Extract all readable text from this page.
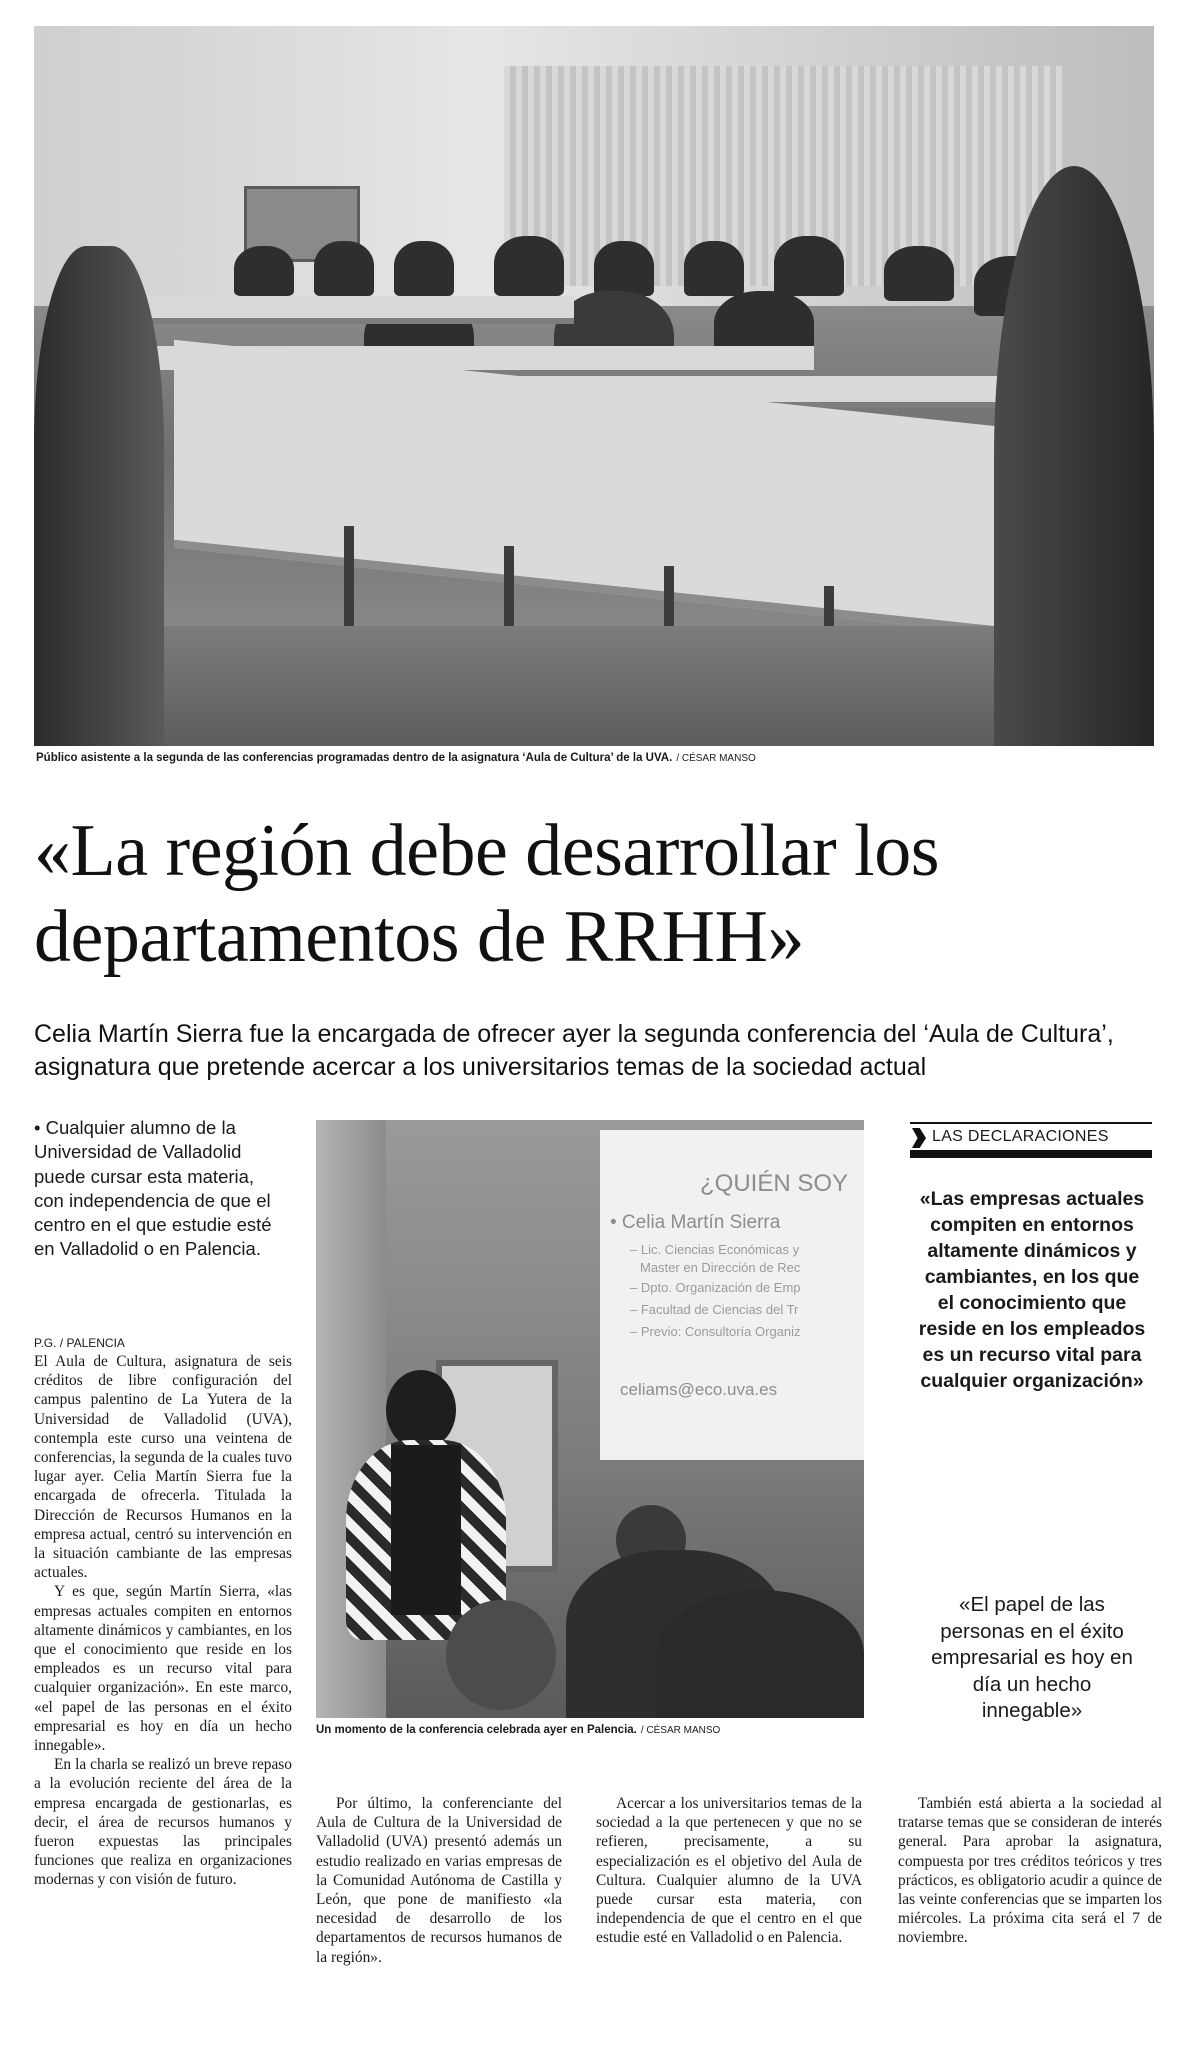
Público asistente a la segunda de las conferencias programadas dentro de la asignatura ‘Aula de Cultura’ de la UVA. / CÉSAR MANSO
«La región debe desarrollar los departamentos de RRHH»
Celia Martín Sierra fue la encargada de ofrecer ayer la segunda conferencia del ‘Aula de Cultura’, asignatura que pretende acercar a los universitarios temas de la sociedad actual
• Cualquier alumno de la Universidad de Valladolid puede cursar esta materia, con independencia de que el centro en el que estudie esté en Valladolid o en Palencia.
P.G. / PALENCIA

El Aula de Cultura, asignatura de seis créditos de libre configuración del campus palentino de La Yutera de la Universidad de Valladolid (UVA), contempla este curso una veintena de conferencias, la segunda de la cuales tuvo lugar ayer. Celia Martín Sierra fue la encargada de ofrecerla. Titulada la Dirección de Recursos Humanos en la empresa actual, centró su intervención en la situación cambiante de las empresas actuales.

Y es que, según Martín Sierra, «las empresas actuales compiten en entornos altamente dinámicos y cambiantes, en los que el conocimiento que reside en los empleados es un recurso vital para cualquier organización». En este marco, «el papel de las personas en el éxito empresarial es hoy en día un hecho innegable».

En la charla se realizó un breve repaso a la evolución reciente del área de la empresa encargada de gestionarlas, es decir, el área de recursos humanos y fueron expuestas las principales funciones que realiza en organizaciones modernas y con visión de futuro.

¿QUIÉN SOY
• Celia Martín Sierra
– Lic. Ciencias Económicas y
Master en Dirección de Rec
– Dpto. Organización de Emp
– Facultad de Ciencias del Tr
– Previo: Consultoría Organiz
celiams@eco.uva.es
Un momento de la conferencia celebrada ayer en Palencia. / CÉSAR MANSO

Por último, la conferenciante del Aula de Cultura de la Universidad de Valladolid (UVA) presentó además un estudio realizado en varias empresas de la Comunidad Autónoma de Castilla y León, que pone de manifiesto «la necesidad de desarrollo de los departamentos de recursos humanos de la región».

Acercar a los universitarios temas de la sociedad a la que pertenecen y que no se refieren, precisamente, a su especialización es el objetivo del Aula de Cultura. Cualquier alumno de la UVA puede cursar esta materia, con independencia de que el centro en el que estudie esté en Valladolid o en Palencia.

También está abierta a la sociedad al tratarse temas que se consideran de interés general. Para aprobar la asignatura, compuesta por tres créditos teóricos y tres prácticos, es obligatorio acudir a quince de las veinte conferencias que se imparten los miércoles. La próxima cita será el 7 de noviembre.

LAS DECLARACIONES
«Las empresas actuales compiten en entornos altamente dinámicos y cambiantes, en los que el conocimiento que reside en los empleados es un recurso vital para cualquier organización»
«El papel de las personas en el éxito empresarial es hoy en día un hecho innegable»
